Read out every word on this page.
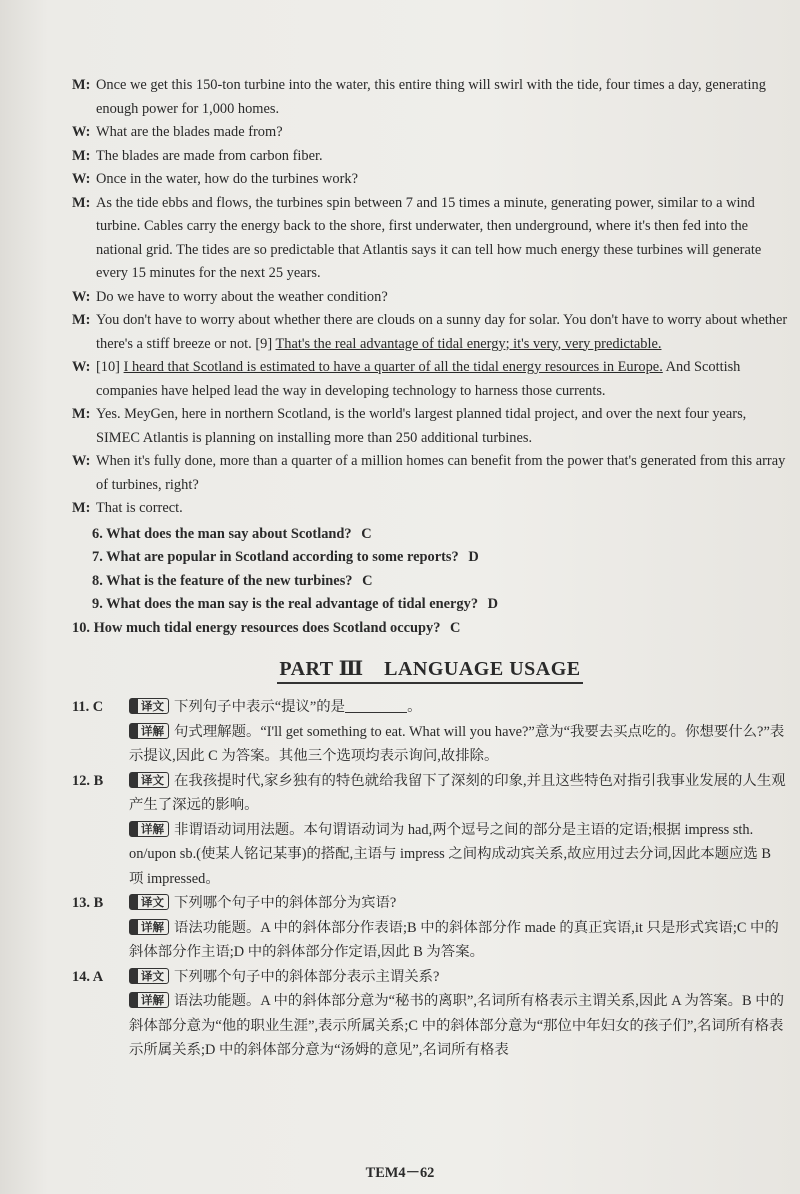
M: Once we get this 150-ton turbine into the water, this entire thing will swirl with the tide, four times a day, generating enough power for 1,000 homes.
W: What are the blades made from?
M: The blades are made from carbon fiber.
W: Once in the water, how do the turbines work?
M: As the tide ebbs and flows, the turbines spin between 7 and 15 times a minute, generating power, similar to a wind turbine. Cables carry the energy back to the shore, first underwater, then underground, where it's then fed into the national grid. The tides are so predictable that Atlantis says it can tell how much energy these turbines will generate every 15 minutes for the next 25 years.
W: Do we have to worry about the weather condition?
M: You don't have to worry about whether there are clouds on a sunny day for solar. You don't have to worry about whether there's a stiff breeze or not. [9] That's the real advantage of tidal energy; it's very, very predictable.
W: [10] I heard that Scotland is estimated to have a quarter of all the tidal energy resources in Europe. And Scottish companies have helped lead the way in developing technology to harness those currents.
M: Yes. MeyGen, here in northern Scotland, is the world's largest planned tidal project, and over the next four years, SIMEC Atlantis is planning on installing more than 250 additional turbines.
W: When it's fully done, more than a quarter of a million homes can benefit from the power that's generated from this array of turbines, right?
M: That is correct.
6. What does the man say about Scotland? C
7. What are popular in Scotland according to some reports? D
8. What is the feature of the new turbines? C
9. What does the man say is the real advantage of tidal energy? D
10. How much tidal energy resources does Scotland occupy? C
PART Ⅲ　LANGUAGE USAGE
11. C	译文 下列句子中表示“提议”的是	。
详解 句式理解题。“I'll get something to eat. What will you have?”意为“我要去买点吃的。你想要什么?”表示提议,因此 C 为答案。其他三个选项均表示询问,故排除。
12. B	译文 在我孩提时代,家乡独有的特色就给我留下了深刻的印象,并且这些特色对指引我事业发展的人生观产生了深远的影响。
详解 非谓语动词用法题。本句谓语动词为 had,两个逗号之间的部分是主语的定语;根据 impress sth. on/upon sb.(使某人铭记某事)的搭配,主语与 impress 之间构成动宾关系,故应用过去分词,因此本题应选 B 项 impressed。
13. B	译文 下列哪个句子中的斜体部分为宾语?
详解 语法功能题。A 中的斜体部分作表语;B 中的斜体部分作 made 的真正宾语,it 只是形式宾语;C 中的斜体部分作主语;D 中的斜体部分作定语,因此 B 为答案。
14. A	译文 下列哪个句子中的斜体部分表示主谓关系?
详解 语法功能题。A 中的斜体部分意为“秘书的离职”,名词所有格表示主谓关系,因此 A 为答案。B 中的斜体部分意为“他的职业生涯”,表示所属关系;C 中的斜体部分意为“那位中年妇女的孩子们”,名词所有格表示所属关系;D 中的斜体部分意为“汤姆的意见”,名词所有格表
TEM4－62
